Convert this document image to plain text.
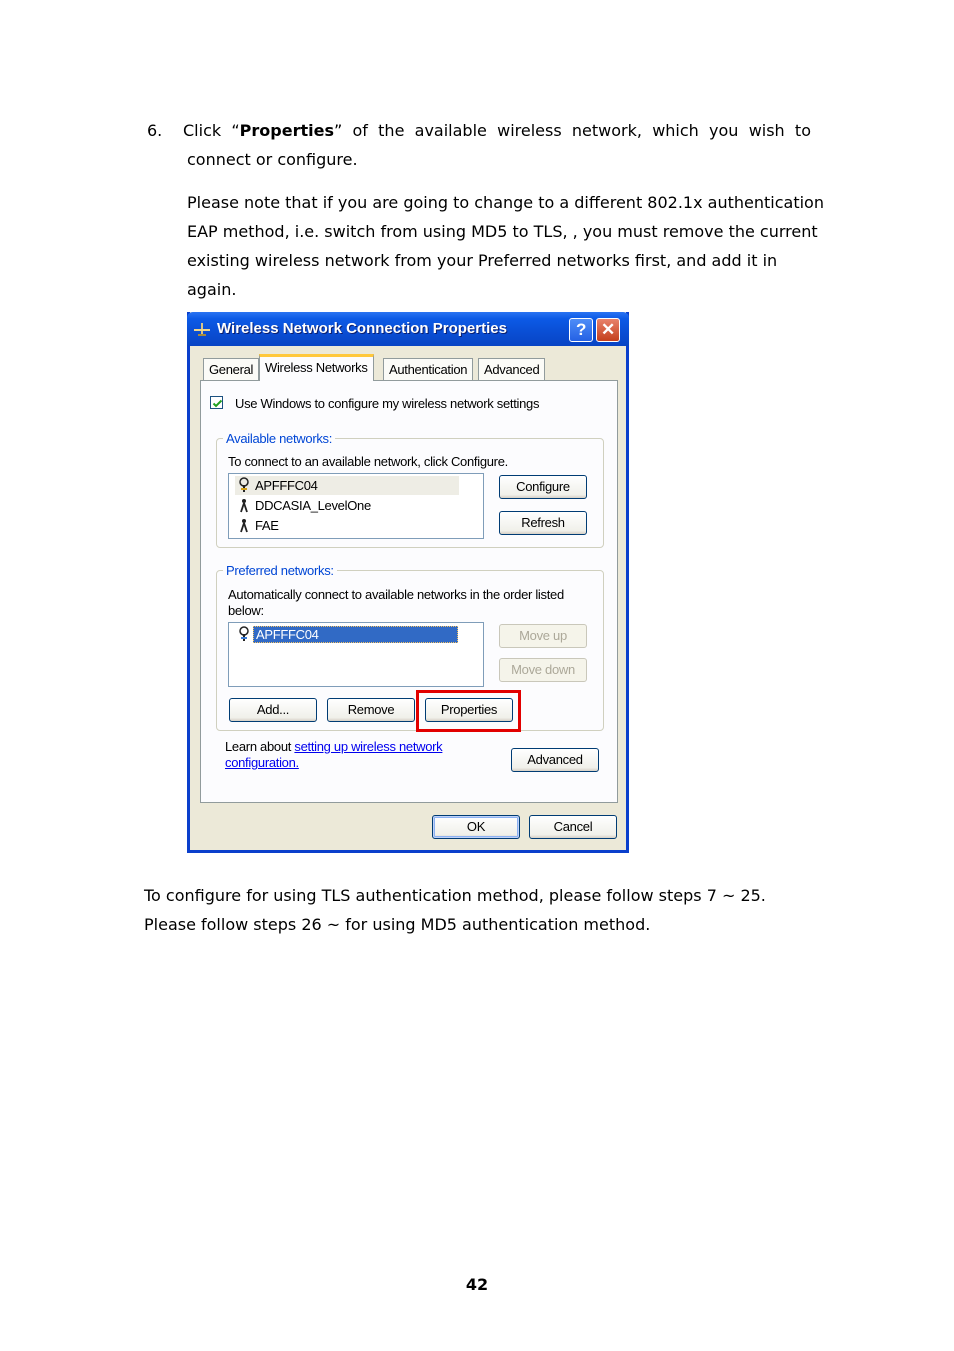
6. Click “Properties” of the available wireless network, which you wish to
connect or configure.
Please note that if you are going to change to a different 802.1x authentication
EAP method, i.e. switch from using MD5 to TLS, , you must remove the current
existing wireless network from your Preferred networks first, and add it in
again.
Wireless Network Connection Properties	? ✕
General Wireless Networks	Authentication	Advanced
Use Windows to configure my wireless network settings
Available networks:
To connect to an available network, click Configure.
APFFFC04
DDCASIA_LevelOne
FAE
Configure
Refresh
Preferred networks:
Automatically connect to available networks in the order listed
below:
APFFFC04	Move up
Move down
Add...	Remove	Properties
Learn about setting up wireless network
configuration.	Advanced
OK	Cancel
To configure for using TLS authentication method, please follow steps 7 ~ 25.
Please follow steps 26 ~ for using MD5 authentication method.
42
